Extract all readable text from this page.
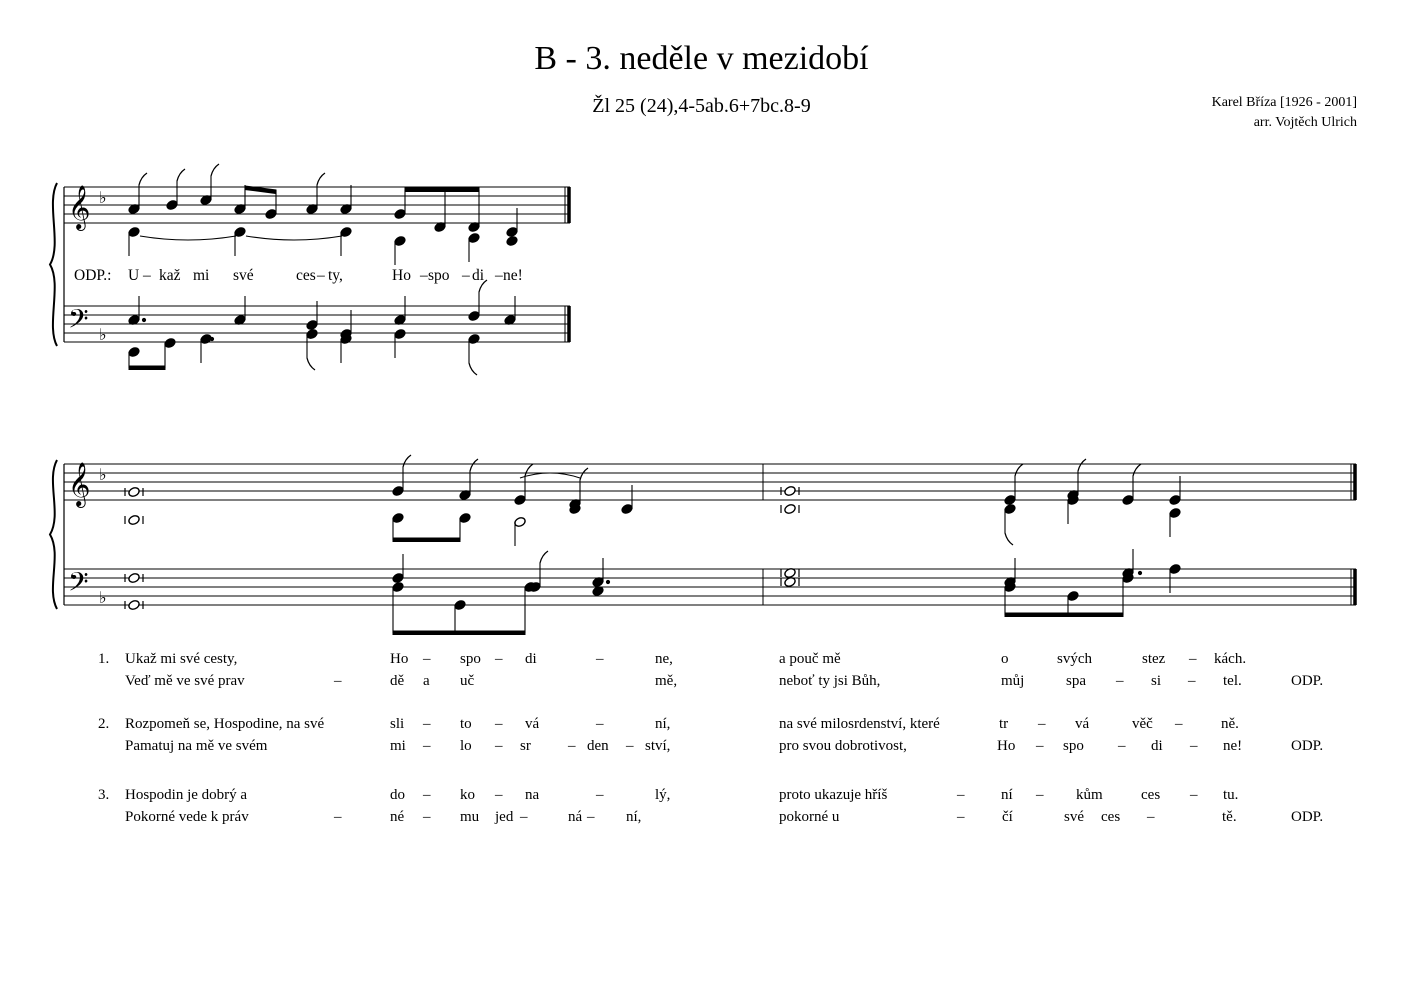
B - 3. neděle v mezidobí
Žl 25 (24),4-5ab.6+7bc.8-9	Karel Bříza [1926 - 2001]
arr. Vojtěch Ulrich
𝄞
𝄢
♭
♭
𝄞
𝄢
♭
♭
ODP.: U – kaž mi své	ces – ty,	Ho – spo – di – ne!
1. Ukaž mi své cesty,	Ho – spo – di	–	ne,	a pouč mě	o	svých	stez – kách.
Veď mě ve své prav	–	dě a uč	mě,	neboť ty jsi Bůh,	můj	spa – si – tel.	ODP.
2. Rozpomeň se, Hospodine, na své	sli – to – vá	–	ní,	na své milosrdenství, které	tr – vá	věč –	ně.
Pamatuj na mě ve svém	mi – lo – sr – den – ství,	pro svou dobrotivost,	Ho – spo – di – ne!	ODP.
3. Hospodin je dobrý a	do – ko – na	–	lý,	proto ukazuje hříš	– ní – kům	ces – tu.
Pokorné vede k práv	–	né – mu jed –	ná – ní,	pokorné u	–	čí	své ces –	tě.	ODP.
